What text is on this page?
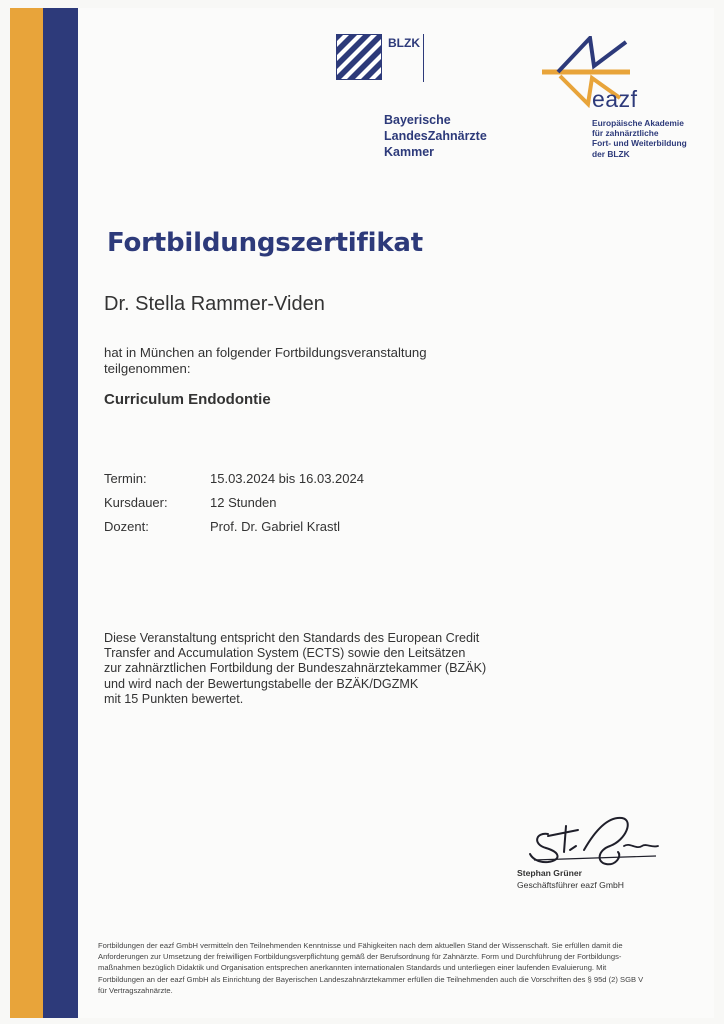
BLZK
Bayerische
LandesZahnärzte
Kammer
eazf
Europäische Akademie
für zahnärztliche
Fort- und Weiterbildung
der BLZK
Fortbildungszertifikat
Dr. Stella Rammer-Viden
hat in München an folgender Fortbildungsveranstaltung
teilgenommen:
Curriculum Endodontie
Termin:	15.03.2024 bis 16.03.2024
Kursdauer:	12 Stunden
Dozent:	Prof. Dr. Gabriel Krastl
Diese Veranstaltung entspricht den Standards des European Credit
Transfer and Accumulation System (ECTS) sowie den Leitsätzen
zur zahnärztlichen Fortbildung der Bundeszahnärztekammer (BZÄK)
und wird nach der Bewertungstabelle der BZÄK/DGZMK
mit 15 Punkten bewertet.
Stephan Grüner
Geschäftsführer eazf GmbH

Fortbildungen der eazf GmbH vermitteln den Teilnehmenden Kenntnisse und Fähigkeiten nach dem aktuellen Stand der Wissenschaft. Sie erfüllen damit die

Anforderungen zur Umsetzung der freiwilligen Fortbildungsverpflichtung gemäß der Berufsordnung für Zahnärzte. Form und Durchführung der Fortbildungs-

maßnahmen bezüglich Didaktik und Organisation entsprechen anerkannten internationalen Standards und unterliegen einer laufenden Evaluierung. Mit

Fortbildungen an der eazf GmbH als Einrichtung der Bayerischen Landeszahnärztekammer erfüllen die Teilnehmenden auch die Vorschriften des § 95d (2) SGB V

für Vertragszahnärzte.
